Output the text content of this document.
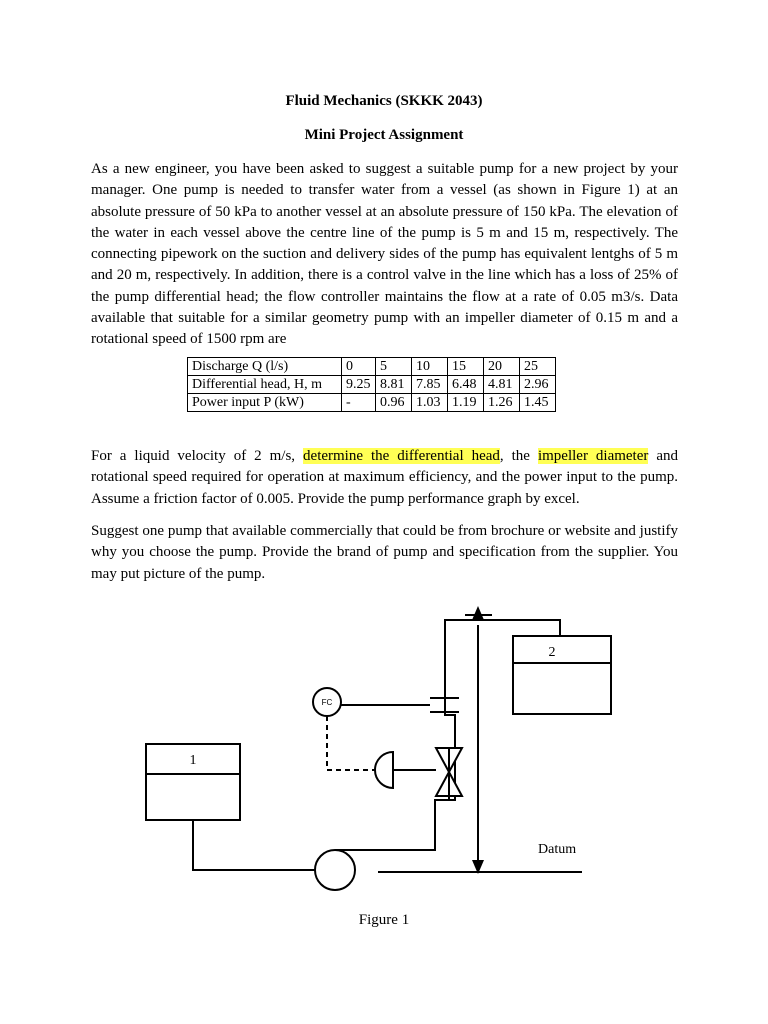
Fluid Mechanics (SKKK 2043)
Mini Project Assignment

As a new engineer, you have been asked to suggest a suitable pump for a new project by your manager. One pump is needed to transfer water from a vessel (as shown in Figure 1) at an absolute pressure of 50 kPa to another vessel at an absolute pressure of 150 kPa. The elevation of the water in each vessel above the centre line of the pump is 5 m and 15 m, respectively. The connecting pipework on the suction and delivery sides of the pump has equivalent lentghs of 5 m and 20 m, respectively. In addition, there is a control valve in the line which has a loss of 25% of the pump differential head; the flow controller maintains the flow at a rate of 0.05 m3/s. Data available that suitable for a similar geometry pump with an impeller diameter of 0.15 m and a rotational speed of 1500 rpm are

Discharge Q (l/s)	0	5	10	15	20	25
Differential head, H, m	9.25	8.81	7.85	6.48	4.81	2.96
Power input P (kW)	-	0.96	1.03	1.19	1.26	1.45

For a liquid velocity of 2 m/s, determine the differential head, the impeller diameter and rotational speed required for operation at maximum efficiency, and the power input to the pump. Assume a friction factor of 0.005. Provide the pump performance graph by excel.

Suggest one pump that available commercially that could be from brochure or website and justify why you choose the pump. Provide the brand of pump and specification from the supplier. You may put picture of the pump.

1
2
FC
Datum
Figure 1
